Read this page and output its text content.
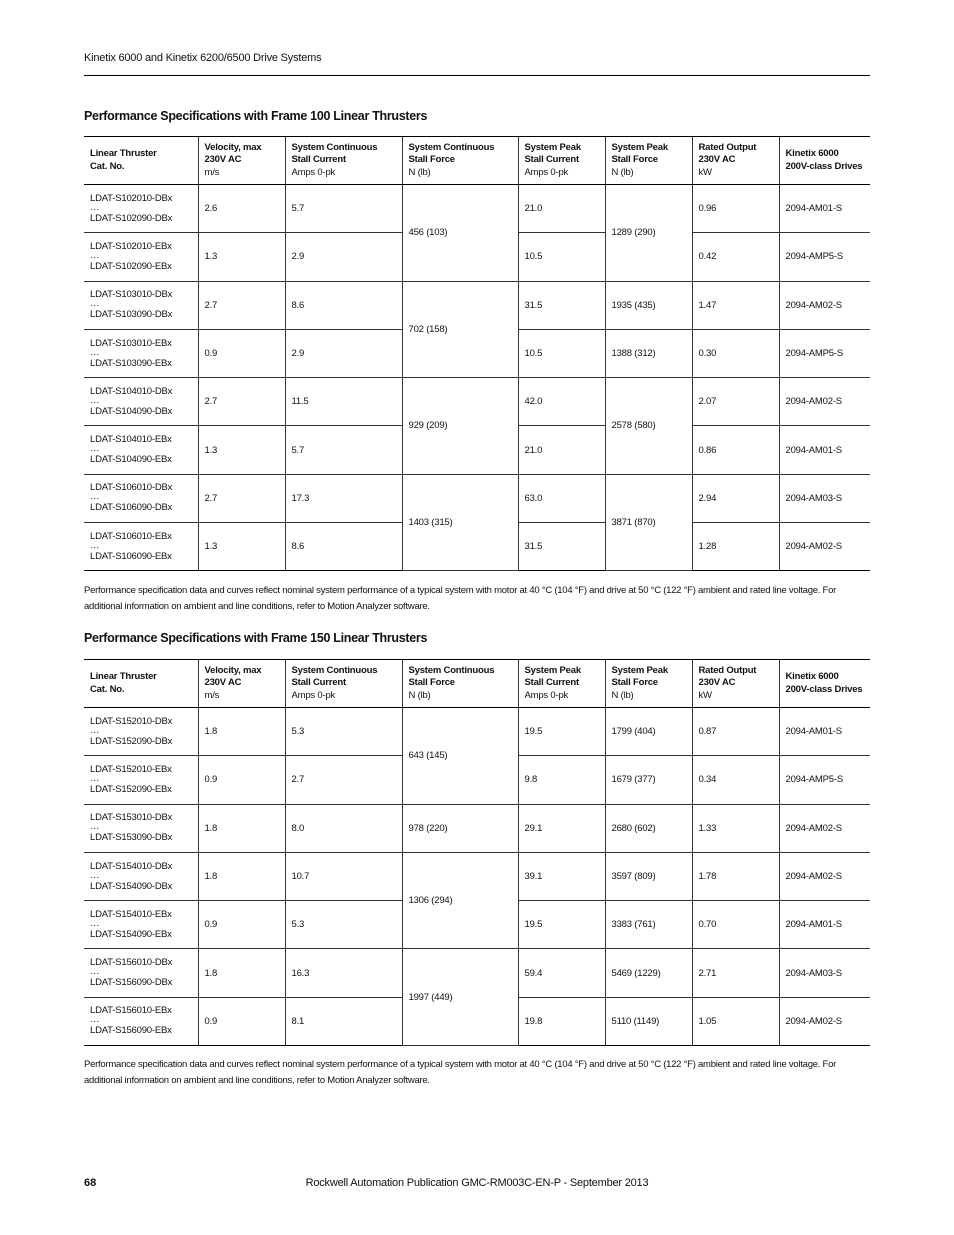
Kinetix 6000 and Kinetix 6200/6500 Drive Systems
Performance Specifications with Frame 100 Linear Thrusters
Linear Thruster
Cat. No.	Velocity, max
230V AC
m/s	System Continuous
Stall Current
Amps 0-pk	System Continuous
Stall Force
N (lb)	System Peak
Stall Current
Amps 0-pk	System Peak
Stall Force
N (lb)	Rated Output
230V AC
kW	Kinetix 6000
200V-class Drives

LDAT-S102010-DBx
…
LDAT-S102090-DBx	2.6	5.7	456 (103)	21.0	1289 (290)	0.96	2094-AM01-S

LDAT-S102010-EBx
…
LDAT-S102090-EBx	1.3	2.9		10.5		0.42	2094-AMP5-S

LDAT-S103010-DBx
…
LDAT-S103090-DBx	2.7	8.6	702 (158)	31.5	1935 (435)	1.47	2094-AM02-S

LDAT-S103010-EBx
…
LDAT-S103090-EBx	0.9	2.9		10.5	1388 (312)	0.30	2094-AMP5-S

LDAT-S104010-DBx
…
LDAT-S104090-DBx	2.7	11.5	929 (209)	42.0	2578 (580)	2.07	2094-AM02-S

LDAT-S104010-EBx
…
LDAT-S104090-EBx	1.3	5.7		21.0		0.86	2094-AM01-S

LDAT-S106010-DBx
…
LDAT-S106090-DBx	2.7	17.3	1403 (315)	63.0	3871 (870)	2.94	2094-AM03-S

LDAT-S106010-EBx
…
LDAT-S106090-EBx	1.3	8.6		31.5		1.28	2094-AM02-S
Performance specification data and curves reflect nominal system performance of a typical system with motor at 40 °C (104 °F) and drive at 50 °C (122 °F) ambient and rated line voltage. For additional information on ambient and line conditions, refer to Motion Analyzer software.
Performance Specifications with Frame 150 Linear Thrusters
Linear Thruster
Cat. No.	Velocity, max
230V AC
m/s	System Continuous
Stall Current
Amps 0-pk	System Continuous
Stall Force
N (lb)	System Peak
Stall Current
Amps 0-pk	System Peak
Stall Force
N (lb)	Rated Output
230V AC
kW	Kinetix 6000
200V-class Drives

LDAT-S152010-DBx
…
LDAT-S152090-DBx	1.8	5.3	643 (145)	19.5	1799 (404)	0.87	2094-AM01-S

LDAT-S152010-EBx
…
LDAT-S152090-EBx	0.9	2.7		9.8	1679 (377)	0.34	2094-AMP5-S

LDAT-S153010-DBx
…
LDAT-S153090-DBx	1.8	8.0	978 (220)	29.1	2680 (602)	1.33	2094-AM02-S

LDAT-S154010-DBx
…
LDAT-S154090-DBx	1.8	10.7	1306 (294)	39.1	3597 (809)	1.78	2094-AM02-S

LDAT-S154010-EBx
…
LDAT-S154090-EBx	0.9	5.3		19.5	3383 (761)	0.70	2094-AM01-S

LDAT-S156010-DBx
…
LDAT-S156090-DBx	1.8	16.3	1997 (449)	59.4	5469 (1229)	2.71	2094-AM03-S

LDAT-S156010-EBx
…
LDAT-S156090-EBx	0.9	8.1		19.8	5110 (1149)	1.05	2094-AM02-S
Performance specification data and curves reflect nominal system performance of a typical system with motor at 40 °C (104 °F) and drive at 50 °C (122 °F) ambient and rated line voltage. For additional information on ambient and line conditions, refer to Motion Analyzer software.
Rockwell Automation Publication GMC-RM003C-EN-P - September 2013
68
